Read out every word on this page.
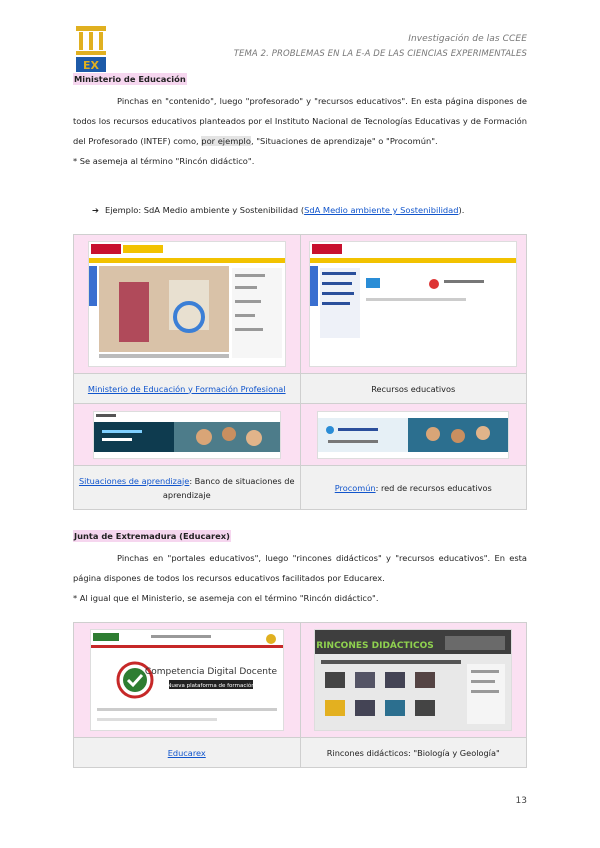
EX
Investigación de las CCEE
TEMA 2. PROBLEMAS EN LA E-A DE LAS CIENCIAS EXPERIMENTALES
Ministerio de Educación

Pinchas en "contenido", luego "profesorado" y "recursos educativos". En esta página dispones de todos los recursos educativos planteados por el Instituto Nacional de Tecnologías Educativas y de Formación del Profesorado (INTEF) como, por ejemplo, "Situaciones de aprendizaje" o "Procomún".

* Se asemeja al término "Rincón didáctico".

➔ Ejemplo: SdA Medio ambiente y Sostenibilidad (SdA Medio ambiente y Sostenibilidad).

Ministerio de Educación y Formación Profesional	Recursos educativos

Situaciones de aprendizaje: Banco de situaciones de aprendizaje	Procomún: red de recursos educativos
Junta de Extremadura (Educarex)

Pinchas en "portales educativos", luego "rincones didácticos" y "recursos educativos". En esta página dispones de todos los recursos educativos facilitados por Educarex.

* Al igual que el Ministerio, se asemeja con el término "Rincón didáctico".

Competencia Digital Docente
Nueva plataforma de formación	RINCONES DIDÁCTICOS

Educarex	Rincones didácticos: "Biología y Geología"
13
